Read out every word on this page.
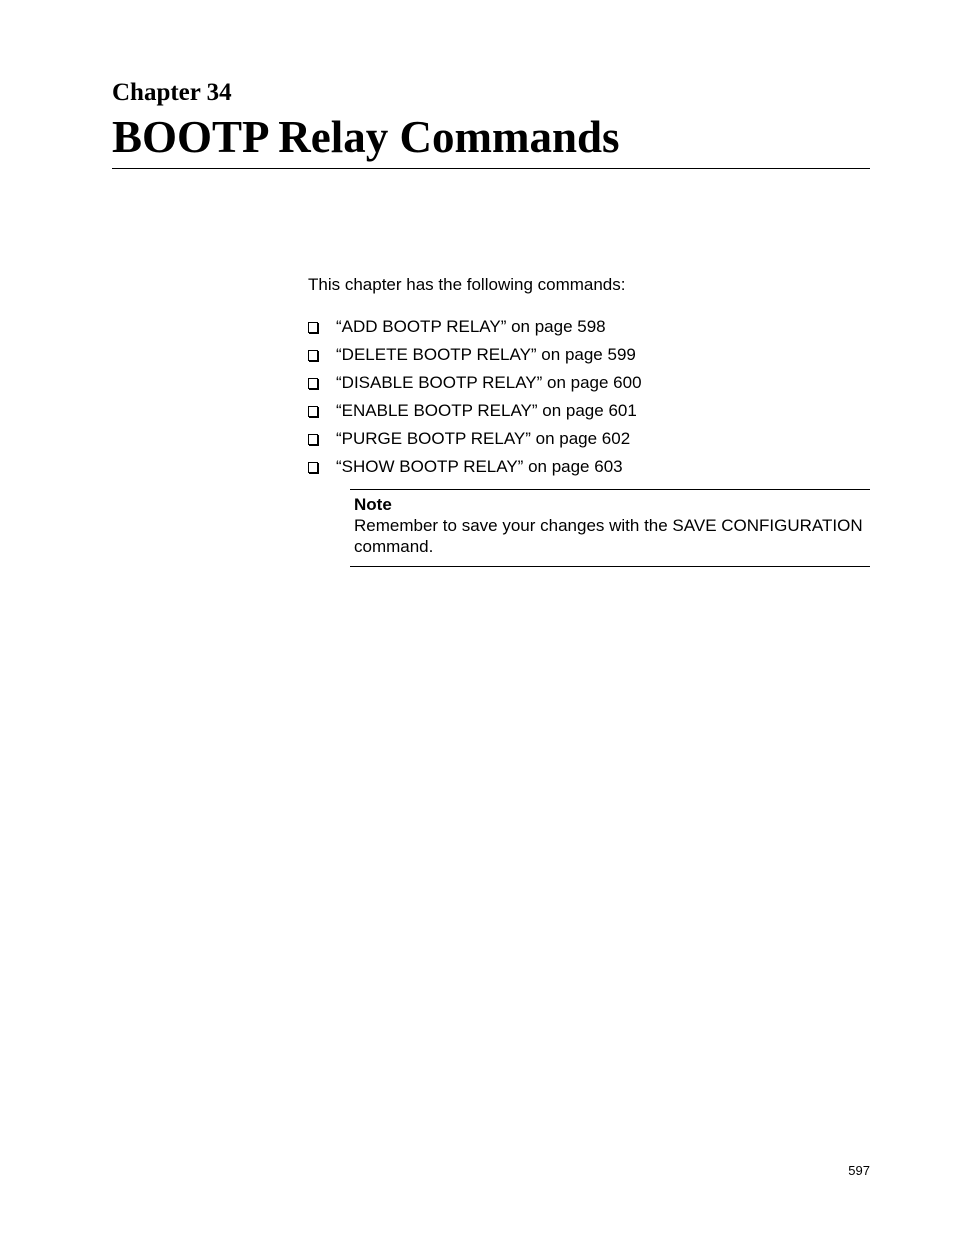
Chapter 34
BOOTP Relay Commands

This chapter has the following commands:

“ADD BOOTP RELAY” on page 598
“DELETE BOOTP RELAY” on page 599
“DISABLE BOOTP RELAY” on page 600
“ENABLE BOOTP RELAY” on page 601
“PURGE BOOTP RELAY” on page 602
“SHOW BOOTP RELAY” on page 603
Note
Remember to save your changes with the SAVE CONFIGURATION command.
597
